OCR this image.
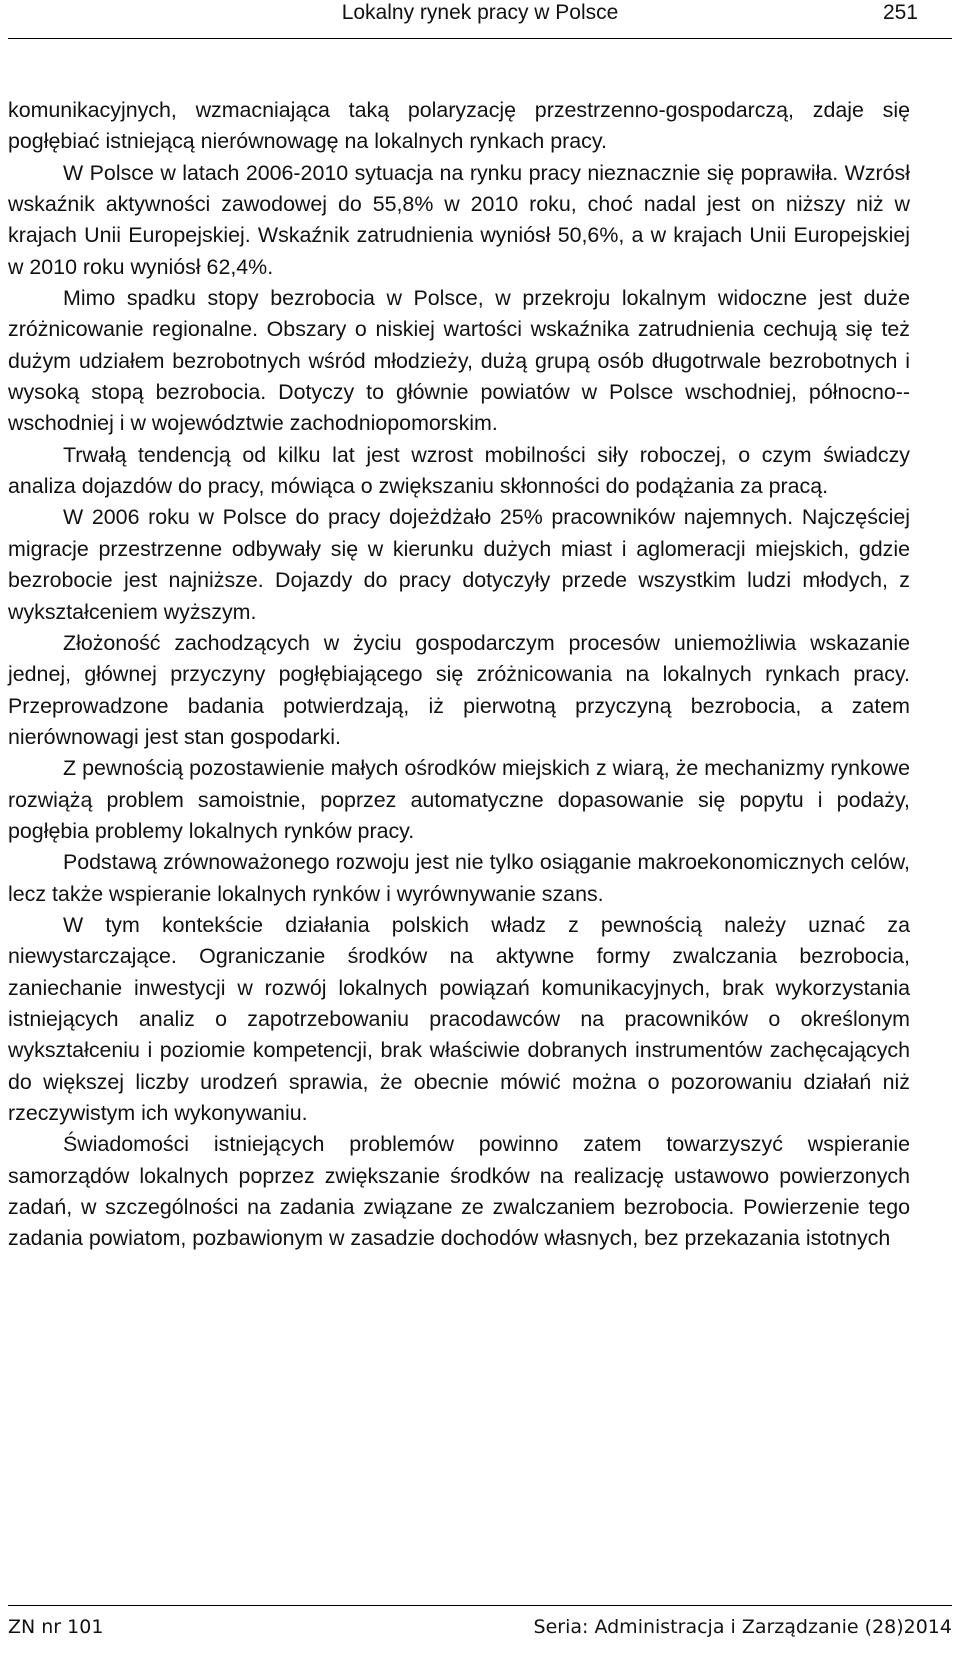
Lokalny rynek pracy w Polsce	251

komunikacyjnych, wzmacniająca taką polaryzację przestrzenno-gospodarczą, zdaje się pogłębiać istniejącą nierównowagę na lokalnych rynkach pracy.

W Polsce w latach 2006-2010 sytuacja na rynku pracy nieznacznie się poprawiła. Wzrósł wskaźnik aktywności zawodowej do 55,8% w 2010 roku, choć nadal jest on niższy niż w krajach Unii Europejskiej. Wskaźnik zatrudnienia wyniósł 50,6%, a w krajach Unii Europejskiej w 2010 roku wyniósł 62,4%.

Mimo spadku stopy bezrobocia w Polsce, w przekroju lokalnym widoczne jest duże zróżnicowanie regionalne. Obszary o niskiej wartości wskaźnika zatrudnienia cechują się też dużym udziałem bezrobotnych wśród młodzieży, dużą grupą osób długotrwale bezrobotnych i wysoką stopą bezrobocia. Dotyczy to głównie powiatów w Polsce wschodniej, północno--wschodniej i w województwie zachodniopomorskim.

Trwałą tendencją od kilku lat jest wzrost mobilności siły roboczej, o czym świadczy analiza dojazdów do pracy, mówiąca o zwiększaniu skłonności do podążania za pracą.

W 2006 roku w Polsce do pracy dojeżdżało 25% pracowników najemnych. Najczęściej migracje przestrzenne odbywały się w kierunku dużych miast i aglomeracji miejskich, gdzie bezrobocie jest najniższe. Dojazdy do pracy dotyczyły przede wszystkim ludzi młodych, z wykształceniem wyższym.

Złożoność zachodzących w życiu gospodarczym procesów uniemożliwia wskazanie jednej, głównej przyczyny pogłębiającego się zróżnicowania na lokalnych rynkach pracy. Przeprowadzone badania potwierdzają, iż pierwotną przyczyną bezrobocia, a zatem nierównowagi jest stan gospodarki.

Z pewnością pozostawienie małych ośrodków miejskich z wiarą, że mechanizmy rynkowe rozwiążą problem samoistnie, poprzez automatyczne dopasowanie się popytu i podaży, pogłębia problemy lokalnych rynków pracy.

Podstawą zrównoważonego rozwoju jest nie tylko osiąganie makroekonomicznych celów, lecz także wspieranie lokalnych rynków i wyrównywanie szans.

W tym kontekście działania polskich władz z pewnością należy uznać za niewystarczające. Ograniczanie środków na aktywne formy zwalczania bezrobocia, zaniechanie inwestycji w rozwój lokalnych powiązań komunikacyjnych, brak wykorzystania istniejących analiz o zapotrzebowaniu pracodawców na pracowników o określonym wykształceniu i poziomie kompetencji, brak właściwie dobranych instrumentów zachęcających do większej liczby urodzeń sprawia, że obecnie mówić można o pozorowaniu działań niż rzeczywistym ich wykonywaniu.

Świadomości istniejących problemów powinno zatem towarzyszyć wspieranie samorządów lokalnych poprzez zwiększanie środków na realizację ustawowo powierzonych zadań, w szczególności na zadania związane ze zwalczaniem bezrobocia. Powierzenie tego zadania powiatom, pozbawionym w zasadzie dochodów własnych, bez przekazania istotnych

ZN nr 101	Seria: Administracja i Zarządzanie (28)2014
